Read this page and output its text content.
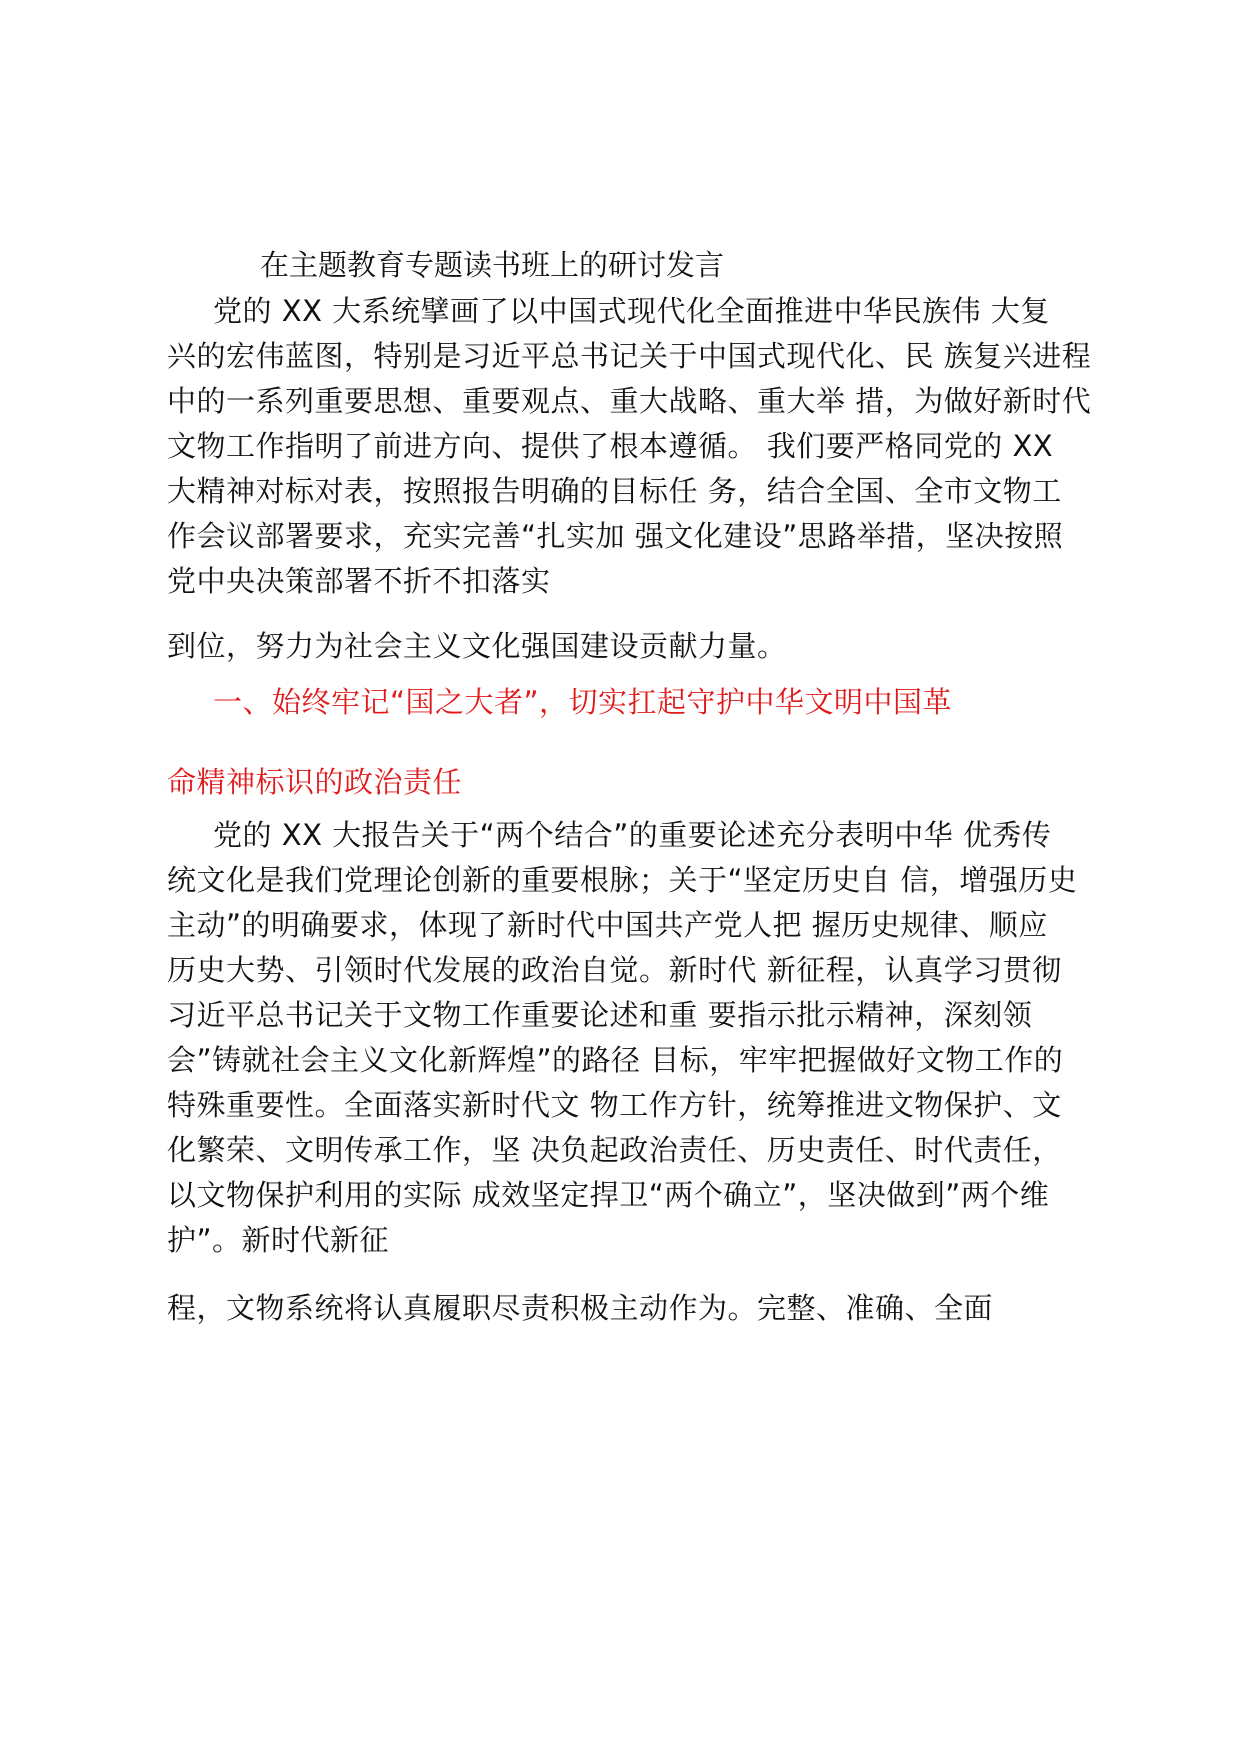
在主题教育专题读书班上的研讨发言
党的 XX 大系统擘画了以中国式现代化全面推进中华民族伟 大复
兴的宏伟蓝图，特别是习近平总书记关于中国式现代化、民 族复兴进程
中的一系列重要思想、重要观点、重大战略、重大举 措，为做好新时代
文物工作指明了前进方向、提供了根本遵循。 我们要严格同党的 XX
大精神对标对表，按照报告明确的目标任 务，结合全国、全市文物工
作会议部署要求，充实完善“扎实加 强文化建设”思路举措，坚决按照
党中央决策部署不折不扣落实
到位，努力为社会主义文化强国建设贡献力量。
一、始终牢记“国之大者”，切实扛起守护中华文明中国革
命精神标识的政治责任
党的 XX 大报告关于“两个结合”的重要论述充分表明中华 优秀传
统文化是我们党理论创新的重要根脉；关于“坚定历史自 信，增强历史
主动”的明确要求，体现了新时代中国共产党人把 握历史规律、顺应
历史大势、引领时代发展的政治自觉。新时代 新征程，认真学习贯彻
习近平总书记关于文物工作重要论述和重 要指示批示精神，深刻领
会”铸就社会主义文化新辉煌”的路径 目标，牢牢把握做好文物工作的
特殊重要性。全面落实新时代文 物工作方针，统筹推进文物保护、文
化繁荣、文明传承工作，坚 决负起政治责任、历史责任、时代责任，
以文物保护利用的实际 成效坚定捍卫“两个确立”，坚决做到”两个维
护”。新时代新征
程，文物系统将认真履职尽责积极主动作为。完整、准确、全面
